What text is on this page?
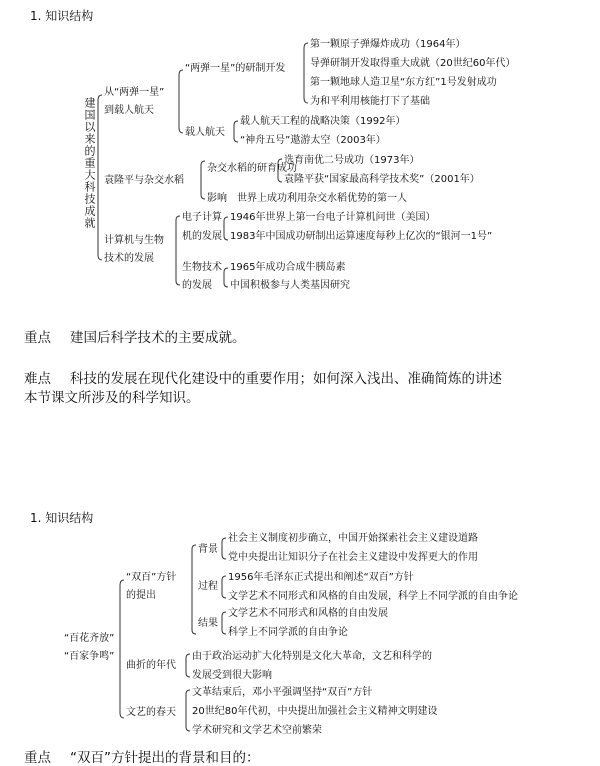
1. 知识结构
建国以来的重大科技成就
从“两弹一星”
到载人航天
“两弹一星”的研制开发
第一颗原子弹爆炸成功（1964年）
导弹研制开发取得重大成就（20世纪60年代）
第一颗地球人造卫星“东方红”1号发射成功
为和平利用核能打下了基础
载人航天
载人航天工程的战略决策（1992年）
“神舟五号”遨游太空（2003年）
袁隆平与杂交水稻
杂交水稻的研育成功
选育南优二号成功（1973年）
袁隆平获“国家最高科学技术奖”（2001年）
影响 世界上成功利用杂交水稻优势的第一人
计算机与生物
技术的发展
电子计算
机的发展
1946年世界上第一台电子计算机问世（美国）
1983年中国成功研制出运算速度每秒上亿次的“银河一1号”
生物技术
的发展
1965年成功合成牛胰岛素
中国积极参与人类基因研究
重点 建国后科学技术的主要成就。
难点 科技的发展在现代化建设中的重要作用；如何深入浅出、准确简炼的讲述
本节课文所涉及的科学知识。
1. 知识结构
“百花齐放”
“百家争鸣”
“双百”方针
的提出
背景
社会主义制度初步确立，中国开始探索社会主义建设道路
党中央提出让知识分子在社会主义建设中发挥更大的作用
过程
1956年毛泽东正式提出和阐述“双百”方针
文学艺术不同形式和风格的自由发展，科学上不同学派的自由争论
结果
文学艺术不同形式和风格的自由发展
科学上不同学派的自由争论
曲折的年代
由于政治运动扩大化特别是文化大革命，文艺和科学的
发展受到很大影响
文艺的春天
文革结束后，邓小平强调坚持“双百”方针
20世纪80年代初，中央提出加强社会主义精神文明建设
学术研究和文学艺术空前繁荣
重点 “双百”方针提出的背景和目的：
